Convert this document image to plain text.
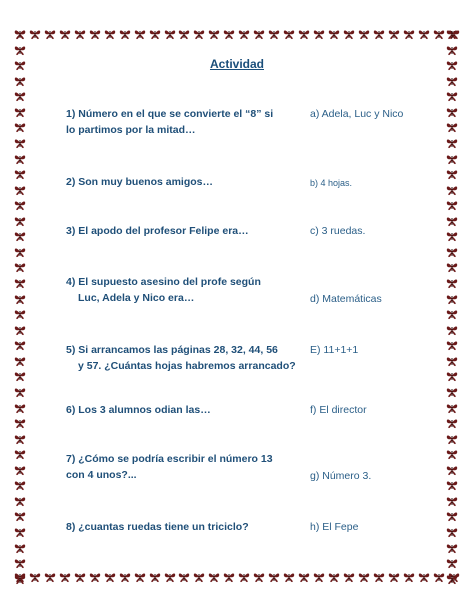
Actividad
1) Número en el que se convierte el “8” si
lo partimos por la mitad…
2) Son muy buenos amigos…
3) El apodo del profesor Felipe era…
4) El supuesto asesino del profe según
Luc, Adela y Nico era…
5) Si arrancamos las páginas 28, 32, 44, 56
y 57. ¿Cuántas hojas habremos arrancado?
6) Los 3 alumnos odian las…
7) ¿Cómo se podría escribir el número 13
con 4 unos?...
8) ¿cuantas ruedas tiene un triciclo?
a) Adela, Luc y Nico
b) 4 hojas.
c) 3 ruedas.
d) Matemáticas
E) 11+1+1
f) El director
g) Número 3.
h) El Fepe
